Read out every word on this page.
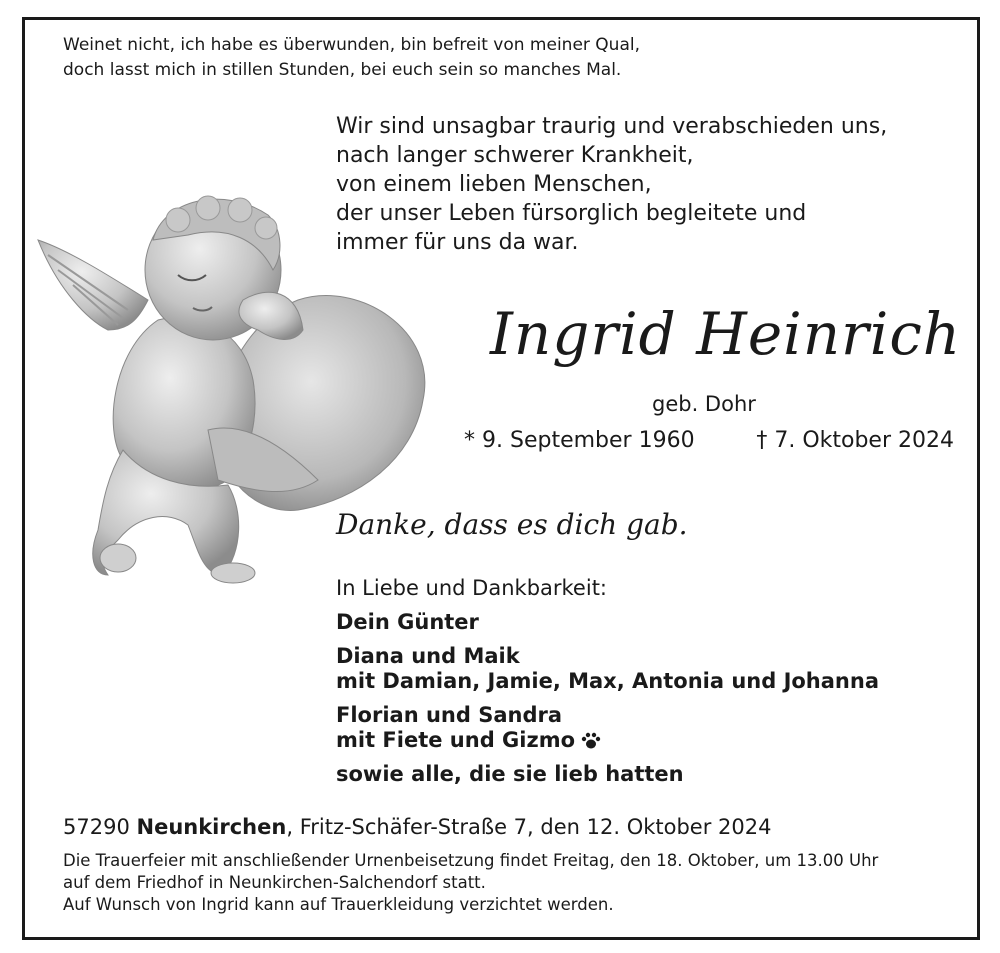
Weinet nicht, ich habe es überwunden, bin befreit von meiner Qual,
doch lasst mich in stillen Stunden, bei euch sein so manches Mal.
Wir sind unsagbar traurig und verabschieden uns,
nach langer schwerer Krankheit,
von einem lieben Menschen,
der unser Leben fürsorglich begleitete und
immer für uns da war.
Ingrid Heinrich
geb. Dohr
* 9. September 1960	† 7. Oktober 2024
Danke, dass es dich gab.
In Liebe und Dankbarkeit:
Dein Günter
Diana und Maik
mit Damian, Jamie, Max, Antonia und Johanna
Florian und Sandra
mit Fiete und Gizmo
sowie alle, die sie lieb hatten
57290 Neunkirchen, Fritz-Schäfer-Straße 7, den 12. Oktober 2024
Die Trauerfeier mit anschließender Urnenbeisetzung findet Freitag, den 18. Oktober, um 13.00 Uhr
auf dem Friedhof in Neunkirchen-Salchendorf statt.
Auf Wunsch von Ingrid kann auf Trauerkleidung verzichtet werden.
